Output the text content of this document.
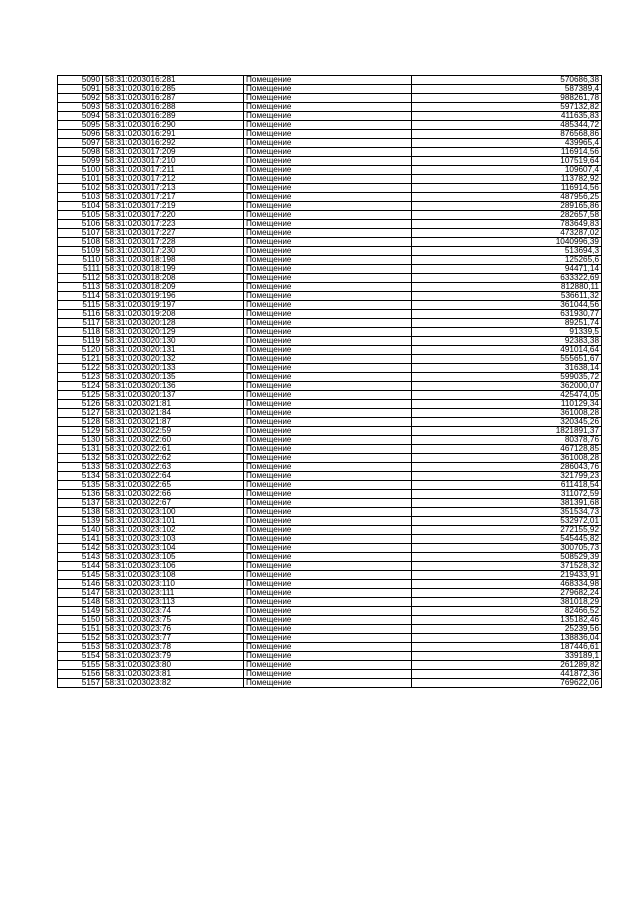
5090	58:31:0203016:281	Помещение	570686,38
5091	58:31:0203016:285	Помещение	587389,4
5092	58:31:0203016:287	Помещение	988261,78
5093	58:31:0203016:288	Помещение	597132,82
5094	58:31:0203016:289	Помещение	411635,83
5095	58:31:0203016:290	Помещение	485344,72
5096	58:31:0203016:291	Помещение	876568,86
5097	58:31:0203016:292	Помещение	439965,4
5098	58:31:0203017:209	Помещение	116914,56
5099	58:31:0203017:210	Помещение	107519,64
5100	58:31:0203017:211	Помещение	109607,4
5101	58:31:0203017:212	Помещение	113782,92
5102	58:31:0203017:213	Помещение	116914,56
5103	58:31:0203017:217	Помещение	487956,25
5104	58:31:0203017:219	Помещение	289165,86
5105	58:31:0203017:220	Помещение	282657,58
5106	58:31:0203017:223	Помещение	783649,83
5107	58:31:0203017:227	Помещение	473287,02
5108	58:31:0203017:228	Помещение	1040996,39
5109	58:31:0203017:230	Помещение	513694,3
5110	58:31:0203018:198	Помещение	125265,6
5111	58:31:0203018:199	Помещение	94471,14
5112	58:31:0203018:208	Помещение	633322,69
5113	58:31:0203018:209	Помещение	812880,11
5114	58:31:0203019:196	Помещение	536611,32
5115	58:31:0203019:197	Помещение	361044,56
5116	58:31:0203019:208	Помещение	631930,77
5117	58:31:0203020:128	Помещение	89251,74
5118	58:31:0203020:129	Помещение	91339,5
5119	58:31:0203020:130	Помещение	92383,38
5120	58:31:0203020:131	Помещение	491014,64
5121	58:31:0203020:132	Помещение	555651,67
5122	58:31:0203020:133	Помещение	31638,14
5123	58:31:0203020:135	Помещение	599035,72
5124	58:31:0203020:136	Помещение	362000,07
5125	58:31:0203020:137	Помещение	425474,05
5126	58:31:0203021:81	Помещение	110129,34
5127	58:31:0203021:84	Помещение	361008,28
5128	58:31:0203021:87	Помещение	320345,26
5129	58:31:0203022:59	Помещение	1821891,37
5130	58:31:0203022:60	Помещение	80378,76
5131	58:31:0203022:61	Помещение	467128,85
5132	58:31:0203022:62	Помещение	361008,28
5133	58:31:0203022:63	Помещение	286043,76
5134	58:31:0203022:64	Помещение	321799,23
5135	58:31:0203022:65	Помещение	611418,54
5136	58:31:0203022:66	Помещение	311072,59
5137	58:31:0203022:67	Помещение	381391,68
5138	58:31:0203023:100	Помещение	351534,73
5139	58:31:0203023:101	Помещение	532972,01
5140	58:31:0203023:102	Помещение	272155,92
5141	58:31:0203023:103	Помещение	545445,82
5142	58:31:0203023:104	Помещение	300705,73
5143	58:31:0203023:105	Помещение	508529,39
5144	58:31:0203023:106	Помещение	371528,32
5145	58:31:0203023:108	Помещение	219433,91
5146	58:31:0203023:110	Помещение	468334,98
5147	58:31:0203023:111	Помещение	279682,24
5148	58:31:0203023:113	Помещение	381018,29
5149	58:31:0203023:74	Помещение	82466,52
5150	58:31:0203023:75	Помещение	135182,46
5151	58:31:0203023:76	Помещение	25239,56
5152	58:31:0203023:77	Помещение	138836,04
5153	58:31:0203023:78	Помещение	187446,61
5154	58:31:0203023:79	Помещение	339189,1
5155	58:31:0203023:80	Помещение	261289,82
5156	58:31:0203023:81	Помещение	441872,36
5157	58:31:0203023:82	Помещение	769622,06
